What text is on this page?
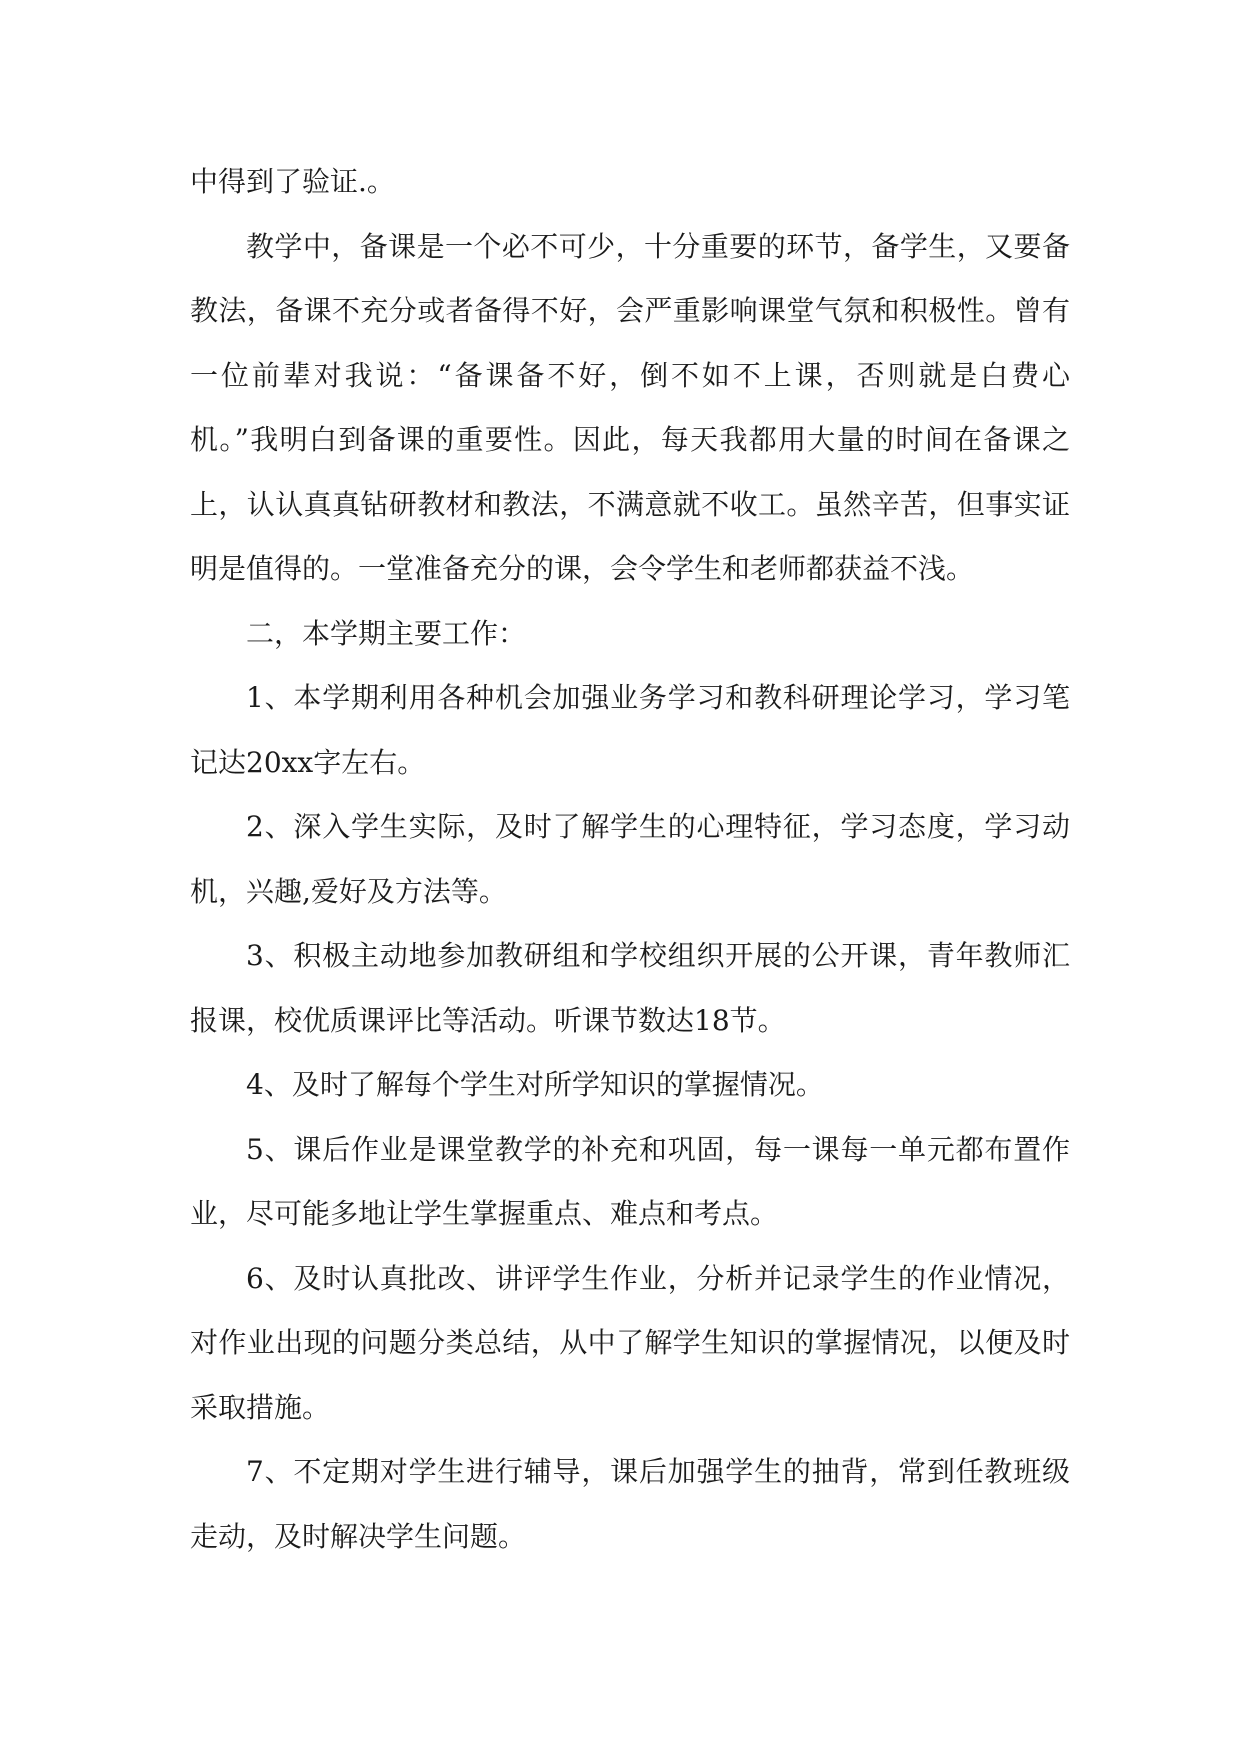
中得到了验证.。

教学中，备课是一个必不可少，十分重要的环节，备学生，又要备教法，备课不充分或者备得不好，会严重影响课堂气氛和积极性。曾有一位前辈对我说：“备课备不好，倒不如不上课，否则就是白费心机。”我明白到备课的重要性。因此，每天我都用大量的时间在备课之上，认认真真钻研教材和教法，不满意就不收工。虽然辛苦，但事实证明是值得的。一堂准备充分的课，会令学生和老师都获益不浅。

二，本学期主要工作：

1、本学期利用各种机会加强业务学习和教科研理论学习，学习笔记达20xx字左右。

2、深入学生实际，及时了解学生的心理特征，学习态度，学习动机，兴趣,爱好及方法等。

3、积极主动地参加教研组和学校组织开展的公开课，青年教师汇报课，校优质课评比等活动。听课节数达18节。

4、及时了解每个学生对所学知识的掌握情况。

5、课后作业是课堂教学的补充和巩固，每一课每一单元都布置作业，尽可能多地让学生掌握重点、难点和考点。

6、及时认真批改、讲评学生作业，分析并记录学生的作业情况，对作业出现的问题分类总结，从中了解学生知识的掌握情况，以便及时采取措施。

7、不定期对学生进行辅导，课后加强学生的抽背，常到任教班级走动，及时解决学生问题。
